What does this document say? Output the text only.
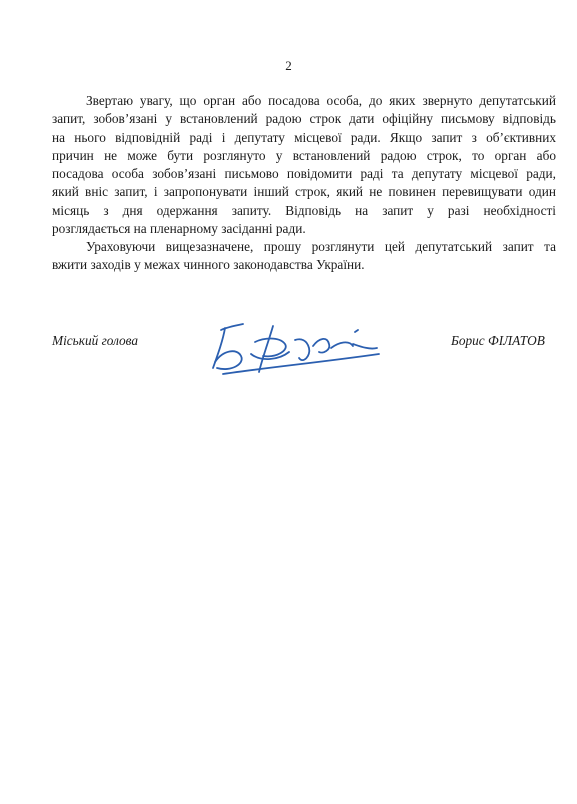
2
Звертаю увагу, що орган або посадова особа, до яких звернуто депутатський
запит, зобов’язані у встановлений радою строк дати офіційну письмову відповідь
на нього відповідній раді і депутату місцевої ради. Якщо запит з об’єктивних
причин не може бути розглянуто у встановлений радою строк, то орган або
посадова особа зобов’язані письмово повідомити раді та депутату місцевої ради,
який вніс запит, і запропонувати інший строк, який не повинен перевищувати один
місяць з дня одержання запиту. Відповідь на запит у разі необхідності
розглядається на пленарному засіданні ради.
Ураховуючи вищезазначене, прошу розглянути цей депутатський запит та
вжити заходів у межах чинного законодавства України.
Міський голова	Борис ФІЛАТОВ
